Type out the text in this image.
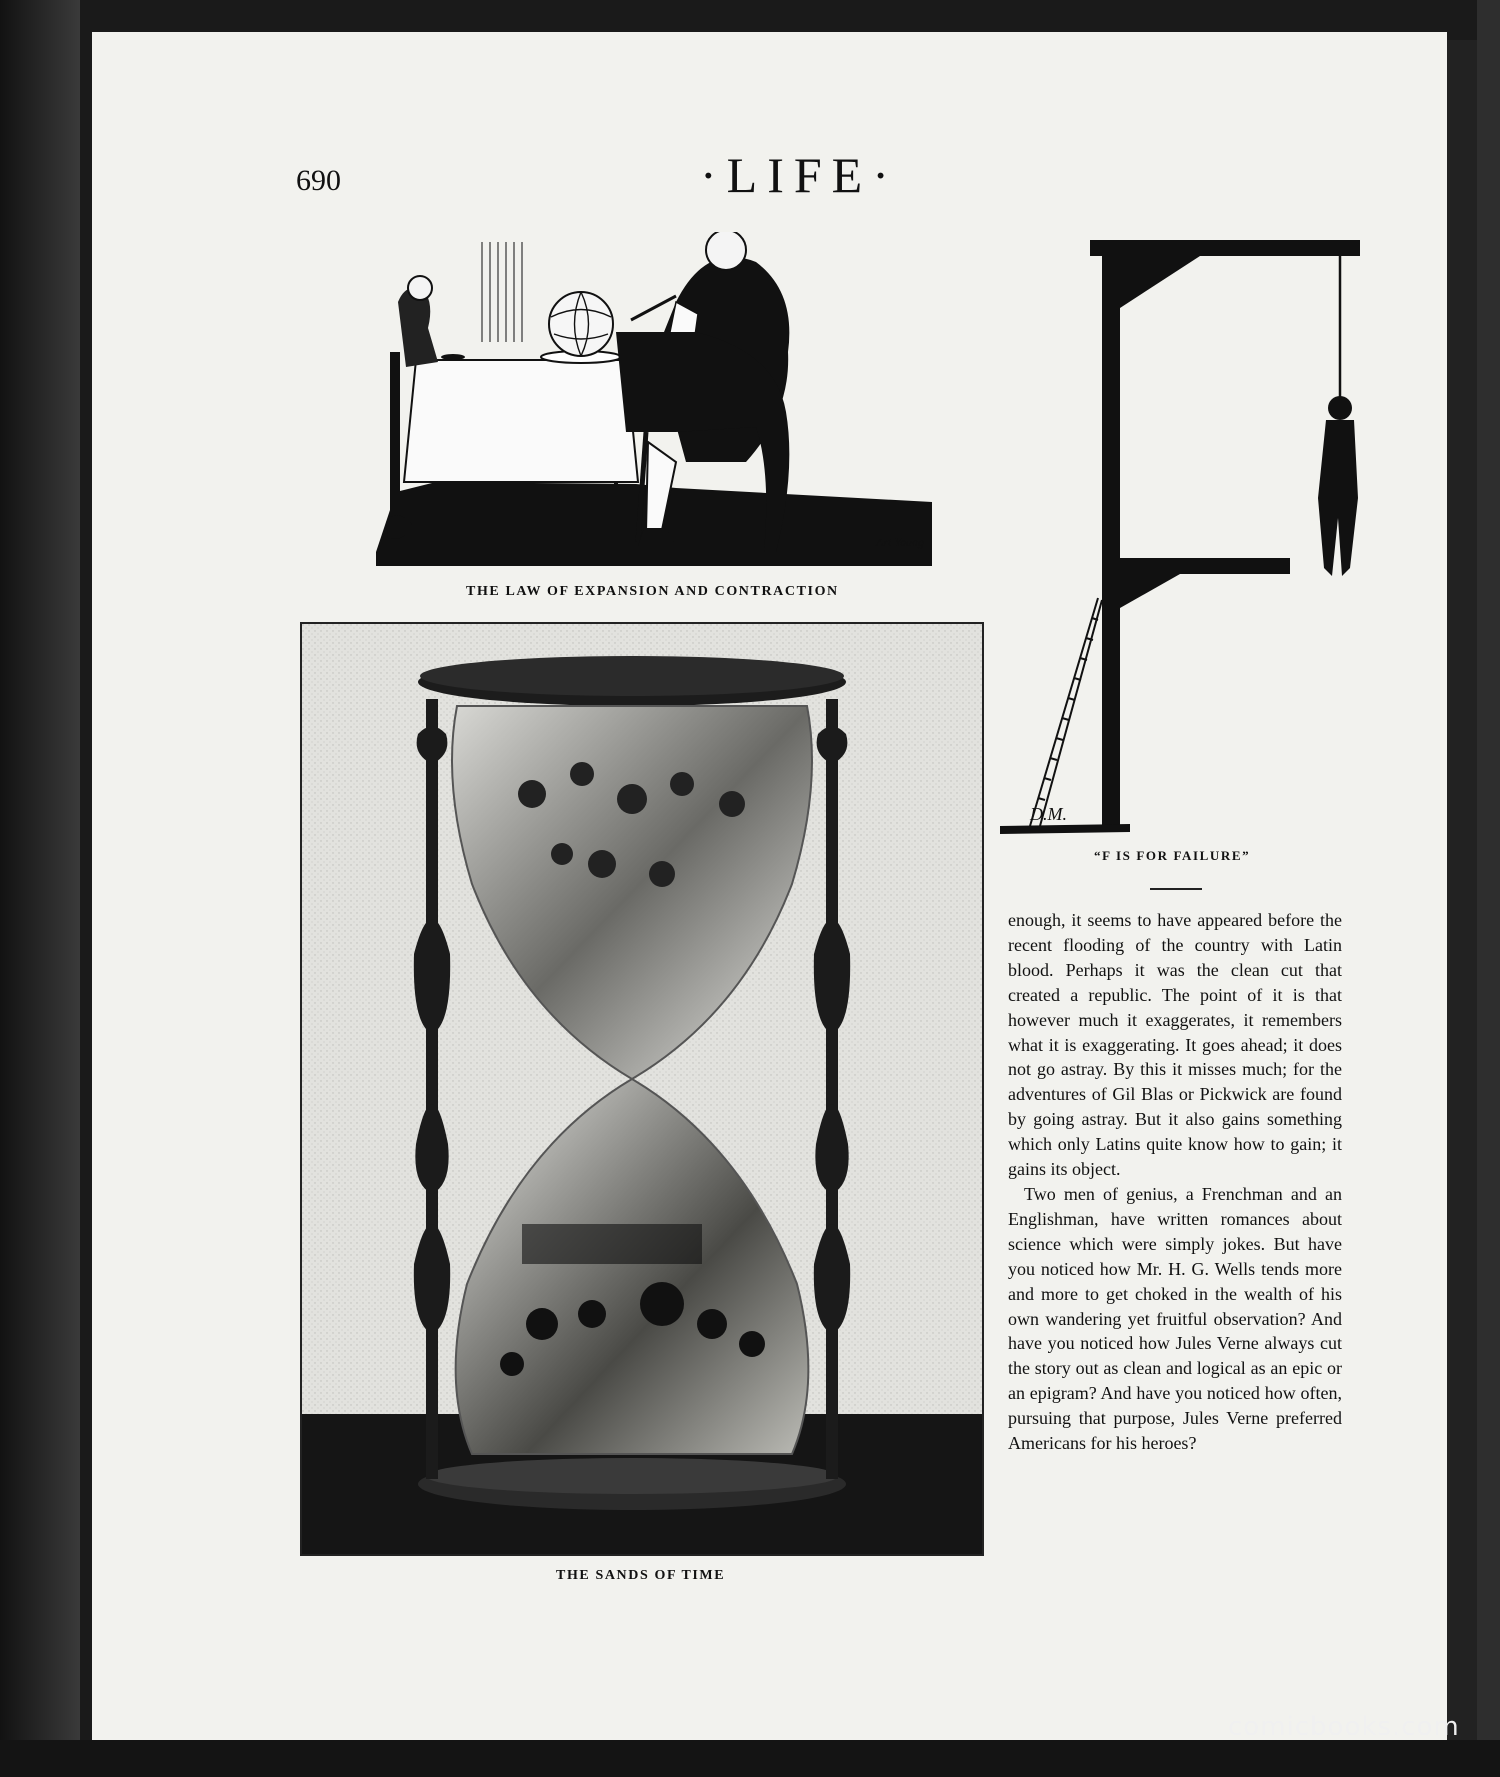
690	·LIFE·
Art Young
THE LAW OF EXPANSION AND CONTRACTION
THE SANDS OF TIME
D.M.
“F IS FOR FAILURE”

enough, it seems to have appeared before the recent flooding of the country with Latin blood. Perhaps it was the clean cut that created a republic. The point of it is that however much it exaggerates, it remembers what it is exaggerating. It goes ahead; it does not go astray. By this it misses much; for the adventures of Gil Blas or Pickwick are found by going astray. But it also gains something which only Latins quite know how to gain; it gains its object.

Two men of genius, a Frenchman and an Englishman, have written romances about science which were simply jokes. But have you noticed how Mr. H. G. Wells tends more and more to get choked in the wealth of his own wandering yet fruitful observation? And have you noticed how Jules Verne always cut the story out as clean and logical as an epic or an epigram? And have you noticed how often, pursuing that purpose, Jules Verne preferred Americans for his heroes?

comicbooks.com
